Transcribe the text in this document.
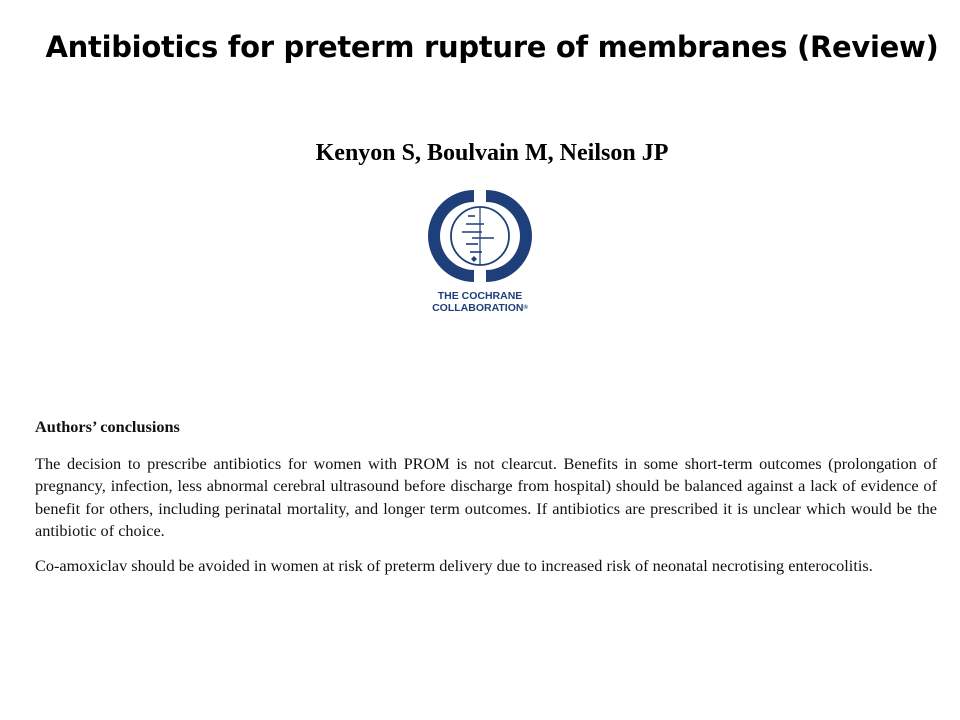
Antibiotics for preterm rupture of membranes (Review)
Kenyon S, Boulvain M, Neilson JP
THE COCHRANE
COLLABORATION®
Authors’ conclusions

The decision to prescribe antibiotics for women with PROM is not clearcut. Benefits in some short-term outcomes (prolongation of pregnancy, infection, less abnormal cerebral ultrasound before discharge from hospital) should be balanced against a lack of evidence of benefit for others, including perinatal mortality, and longer term outcomes. If antibiotics are prescribed it is unclear which would be the antibiotic of choice.

Co-amoxiclav should be avoided in women at risk of preterm delivery due to increased risk of neonatal necrotising enterocolitis.
